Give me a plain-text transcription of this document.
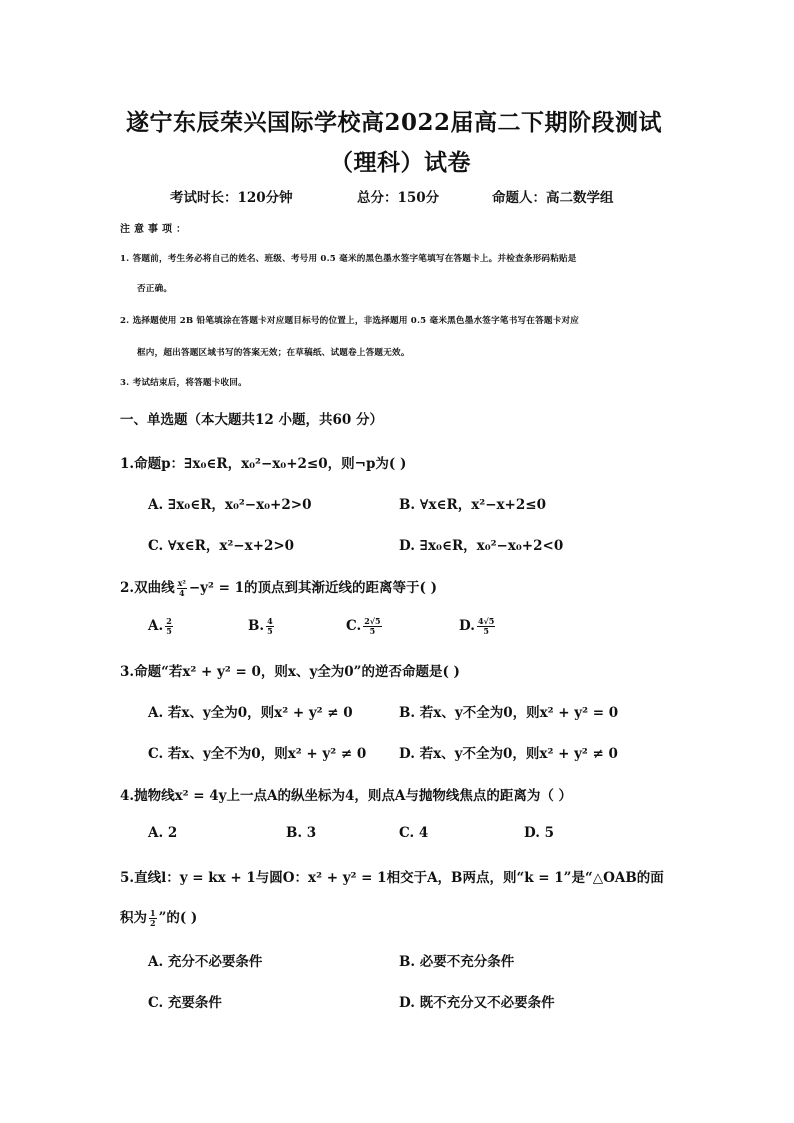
遂宁东辰荣兴国际学校高2022届高二下期阶段测试
（理科）试卷
考试时长：120分钟	总分：150分	命题人：高二数学组
注意事项：
1. 答题前，考生务必将自己的姓名、班级、考号用 0.5 毫米的黑色墨水签字笔填写在答题卡上。并检查条形码粘贴是
否正确。
2. 选择题使用 2B 铅笔填涂在答题卡对应题目标号的位置上，非选择题用 0.5 毫米黑色墨水签字笔书写在答题卡对应
框内，超出答题区域书写的答案无效；在草稿纸、试题卷上答题无效。
3. 考试结束后，将答题卡收回。
一、单选题（本大题共12 小题，共60 分）
1.命题p：∃x₀∈R，x₀²−x₀+2≤0，则¬p为( )
A. ∃x₀∈R，x₀²−x₀+2>0	B. ∀x∈R，x²−x+2≤0
C. ∀x∈R，x²−x+2>0	D. ∃x₀∈R，x₀²−x₀+2<0
2.双曲线 $\frac{\text{x²}}{4} -y^2 = 1$的顶点到其渐近线的距离等于( )
A. $\frac{2}{5}$	B. $\frac{4}{5}$	C. $\frac{2√5}{5}$	D. $\frac{4√5}{5}$
3.命题“若x² + y² = 0，则x、y全为0”的逆否命题是( )
A. 若x、y全为0，则x² + y² ≠ 0	B. 若x、y不全为0，则x² + y² = 0
C. 若x、y全不为0，则x² + y² ≠ 0 D. 若x、y不全为0，则x² + y² ≠ 0
4.抛物线x² = 4y上一点A的纵坐标为4，则点A与抛物线焦点的距离为（ ）
A. 2	B. 3	C. 4	D. 5
5.直线l：y = kx + 1与圆O：x² + y² = 1相交于A，B两点，则“k = 1”是“△OAB的面
积为 $\frac{1}{2}$ ”的( )
A. 充分不必要条件	B. 必要不充分条件
C. 充要条件	D. 既不充分又不必要条件
